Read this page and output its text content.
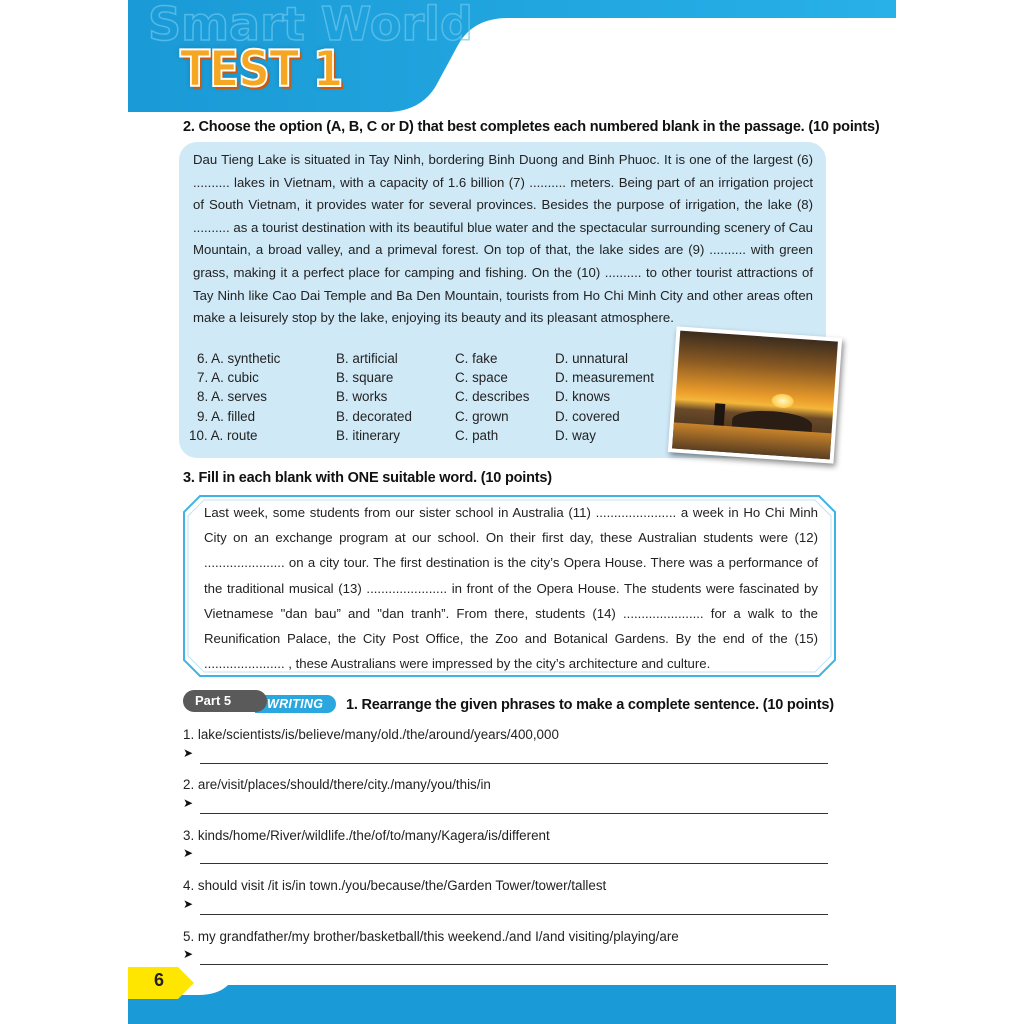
Smart World
TEST 1
2. Choose the option (A, B, C or D) that best completes each numbered blank in the passage. (10 points)
Dau Tieng Lake is situated in Tay Ninh, bordering Binh Duong and Binh Phuoc. It is one of the largest (6) .......... lakes in Vietnam, with a capacity of 1.6 billion (7) .......... meters. Being part of an irrigation project of South Vietnam, it provides water for several provinces. Besides the purpose of irrigation, the lake (8) .......... as a tourist destination with its beautiful blue water and the spectacular surrounding scenery of Cau Mountain, a broad valley, and a primeval forest. On top of that, the lake sides are (9) .......... with green grass, making it a perfect place for camping and fishing. On the (10) .......... to other tourist attractions of Tay Ninh like Cao Dai Temple and Ba Den Mountain, tourists from Ho Chi Minh City and other areas often make a leisurely stop by the lake, enjoying its beauty and its pleasant atmosphere.
6. A. synthetic	B. artificial	C. fake	D. unnatural
7. A. cubic	B. square	C. space	D. measurement
8. A. serves	B. works	C. describes D. knows
9. A. filled	B. decorated	C. grown	D. covered
10. A. route	B. itinerary	C. path	D. way
3. Fill in each blank with ONE suitable word. (10 points)
Last week, some students from our sister school in Australia (11) ...................... a week in Ho Chi Minh City on an exchange program at our school. On their first day, these Australian students were (12) ...................... on a city tour. The first destination is the city’s Opera House. There was a performance of the traditional musical (13) ...................... in front of the Opera House. The students were fascinated by Vietnamese "dan bau” and "dan tranh”. From there, students (14) ...................... for a walk to the Reunification Palace, the City Post Office, the Zoo and Botanical Gardens. By the end of the (15) ...................... , these Australians were impressed by the city’s architecture and culture.
WRITING
Part 5	1. Rearrange the given phrases to make a complete sentence. (10 points)
1. lake/scientists/is/believe/many/old./the/around/years/400,000
➤
2. are/visit/places/should/there/city./many/you/this/in
➤
3. kinds/home/River/wildlife./the/of/to/many/Kagera/is/different
➤
4. should visit /it is/in town./you/because/the/Garden Tower/tower/tallest
➤
5. my grandfather/my brother/basketball/this weekend./and I/and visiting/playing/are
➤
6
